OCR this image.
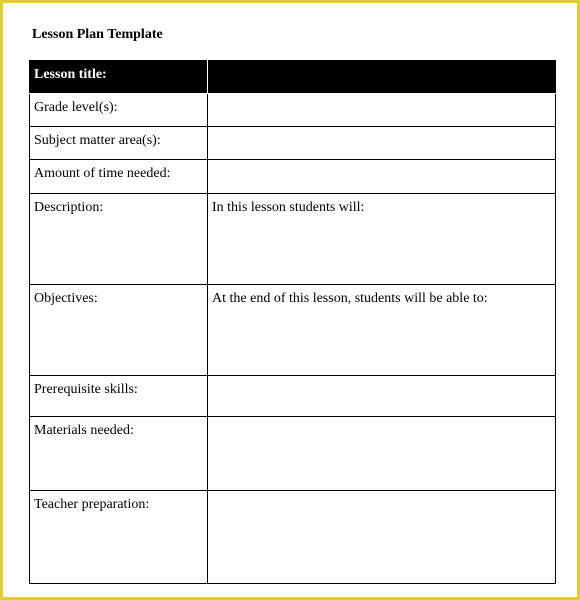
Lesson Plan Template
Lesson title:	
Grade level(s):	
Subject matter area(s):	
Amount of time needed:	
Description:	In this lesson students will:
Objectives:	At the end of this lesson, students will be able to:
Prerequisite skills:	
Materials needed:	
Teacher preparation:	
